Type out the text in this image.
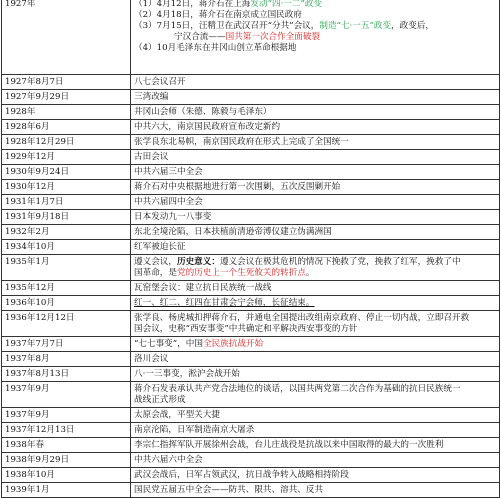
1927年	（1）4月12日，蒋介石在上海发动“四·一二”政变
（2）4月18日，蒋介石在南京成立国民政府
（3）7月15日，汪精卫在武汉召开“分共”会议，制造“七·一五”政变，政变后，
宁汉合流——国共第一次合作全面破裂
（4）10月毛泽东在井冈山创立革命根据地

1927年8月7日	八七会议召开
1927年9月29日	三湾改编
1928年	井冈山会师（朱德、陈毅与毛泽东）
1928年6月	中共六大，南京国民政府宣布改定新约
1928年12月29日	张学良东北易帜，南京国民政府在形式上完成了全国统一
1929年12月	古田会议
1930年9月24日	中共六届三中全会
1930年12月	蒋介石对中央根据地进行第一次围剿，五次反围剿开始
1931年1月7日	中共六届四中全会
1931年9月18日	日本发动九一八事变
1932年2月	东北全境沦陷，日本扶植前清逊帝溥仪建立伪满洲国
1934年10月	红军被迫长征
1935年1月	遵义会议，历史意义：遵义会议在极其危机的情况下挽救了党，挽救了红军，挽救了中
国革命，是党的历史上一个生死攸关的转折点。

1935年12月	瓦窑堡会议：建立抗日民族统一战线
1936年10月	红一、红二、红四在甘肃会宁会师，长征结束。
1936年12月12日	张学良、杨虎城扣押蒋介石，并通电全国提出改组南京政府、停止一切内战，立即召开救
国会议，史称“西安事变”中共确定和平解决西安事变的方针

1937年7月7日	“七七事变”，中国全民族抗战开始
1937年8月	洛川会议
1937年8月13日	八·一三事变，淞沪会战开始
1937年9月	蒋介石发表承认共产党合法地位的谈话，以国共两党第二次合作为基础的抗日民族统一
战线正式形成

1937年9月	太原会战，平型关大捷
1937年12月13日	南京沦陷，日军制造南京大屠杀
1938年春	李宗仁指挥军队开展徐州会战，台儿庄战役是抗战以来中国取得的最大的一次胜利
1938年9月29日	中共六届六中全会
1938年10月	武汉会战后，日军占领武汉，抗日战争转入战略相持阶段
1939年1月	国民党五届五中全会——防共、限共、溶共、反共
